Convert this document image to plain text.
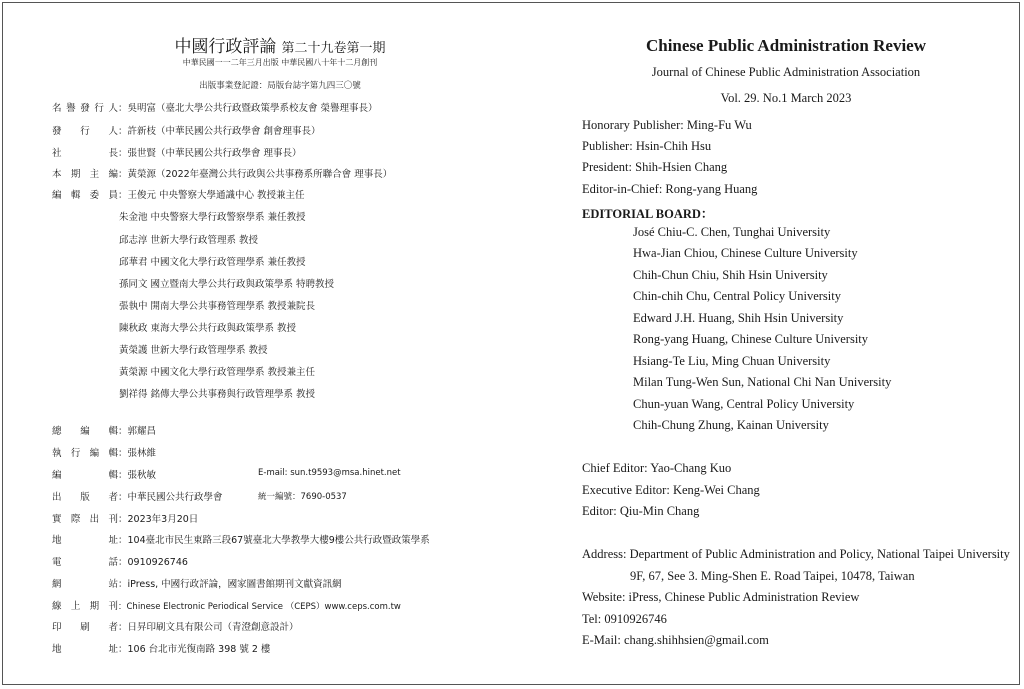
中國行政評論 第二十九卷第一期
中華民國一一二年三月出版 中華民國八十年十二月創刊
出版事業登記證：局版台誌字第九四三〇號
名譽發行人：吳明富（臺北大學公共行政暨政策學系校友會 榮譽理事長）
發行人：許新枝（中華民國公共行政學會 創會理事長）
社長：張世賢（中華民國公共行政學會 理事長）
本期主編：黃榮源（2022年臺灣公共行政與公共事務系所聯合會 理事長）
編輯委員：王俊元 中央警察大學通識中心 教授兼主任
朱金池 中央警察大學行政警察學系 兼任教授
邱志淳 世新大學行政管理系 教授
邱華君 中國文化大學行政管理學系 兼任教授
孫同文 國立暨南大學公共行政與政策學系 特聘教授
張執中 開南大學公共事務管理學系 教授兼院長
陳秋政 東海大學公共行政與政策學系 教授
黃榮護 世新大學行政管理學系 教授
黃榮源 中國文化大學行政管理學系 教授兼主任
劉祥得 銘傳大學公共事務與行政管理學系 教授
總編輯：郭耀昌
執行編輯：張林維
編輯：張秋敏	E-mail: sun.t9593@msa.hinet.net
出版者：中華民國公共行政學會	統一編號：7690-0537
實際出刊：2023年3月20日
地址：104臺北市民生東路三段67號臺北大學教學大樓9樓公共行政暨政策學系
電話：0910926746
網站：iPress, 中國行政評論，國家圖書館期刊文獻資訊網
線上期刊：Chinese Electronic Periodical Service （CEPS）www.ceps.com.tw
印刷者：日昇印刷文具有限公司（青澄創意設計）
地址：106 台北市光復南路 398 號 2 樓
Chinese Public Administration Review
Journal of Chinese Public Administration Association
Vol. 29. No.1 March 2023
Honorary Publisher: Ming-Fu Wu
Publisher: Hsin-Chih Hsu
President: Shih-Hsien Chang
Editor-in-Chief: Rong-yang Huang
EDITORIAL BOARD：
José Chiu-C. Chen, Tunghai University
Hwa-Jian Chiou, Chinese Culture University
Chih-Chun Chiu, Shih Hsin University
Chin-chih Chu, Central Policy University
Edward J.H. Huang, Shih Hsin University
Rong-yang Huang, Chinese Culture University
Hsiang-Te Liu, Ming Chuan University
Milan Tung-Wen Sun, National Chi Nan University
Chun-yuan Wang, Central Policy University
Chih-Chung Zhung, Kainan University
Chief Editor: Yao-Chang Kuo
Executive Editor: Keng-Wei Chang
Editor: Qiu-Min Chang
Address: Department of Public Administration and Policy, National Taipei University
9F, 67, See 3. Ming-Shen E. Road Taipei, 10478, Taiwan
Website: iPress, Chinese Public Administration Review
Tel: 0910926746
E-Mail: chang.shihhsien@gmail.com
